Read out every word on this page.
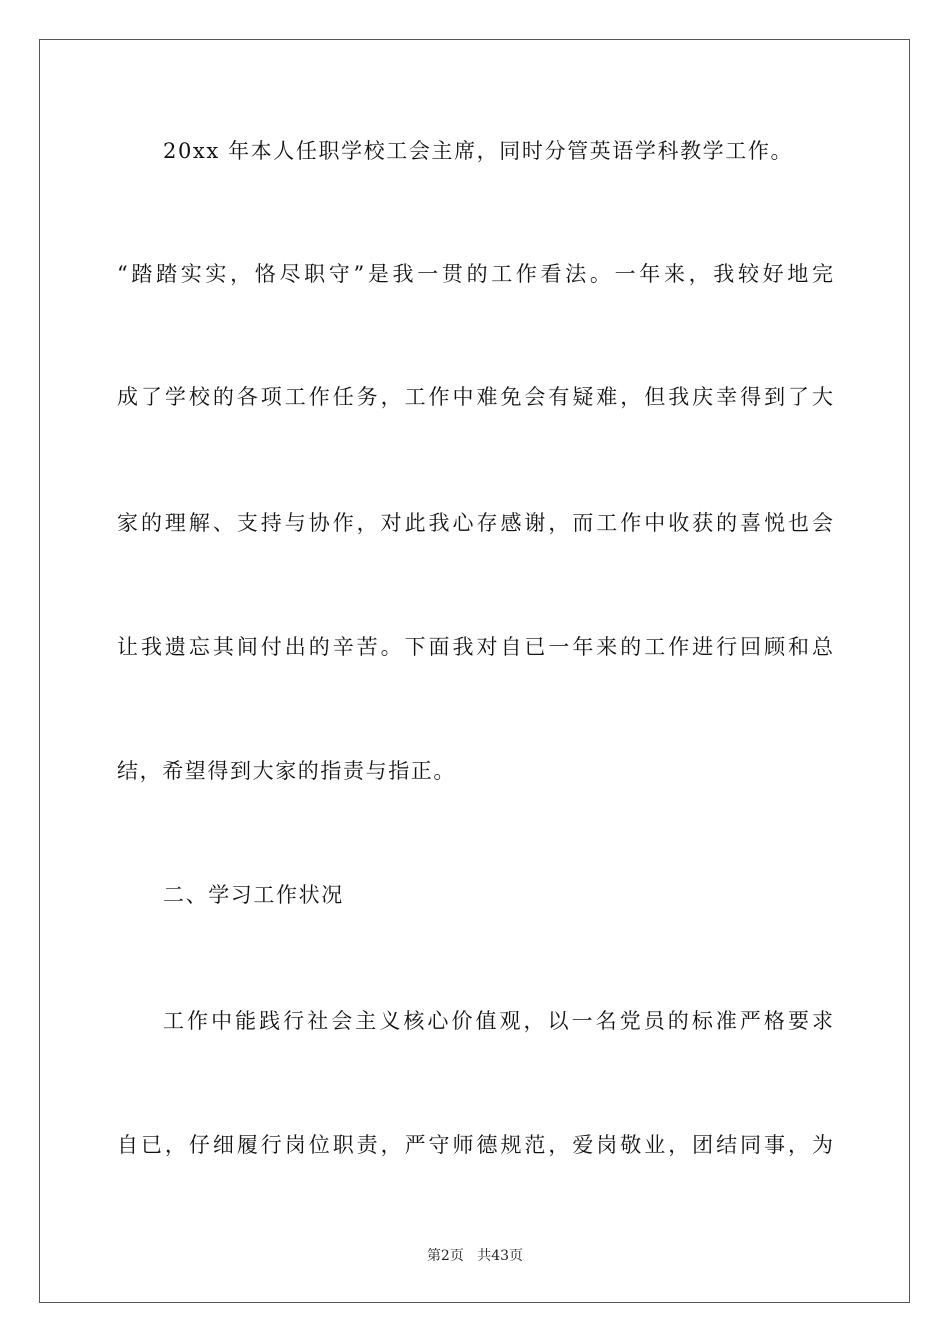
20xx 年本人任职学校工会主席，同时分管英语学科教学工作。
“踏踏实实，恪尽职守”是我一贯的工作看法。一年来，我较好地完
成了学校的各项工作任务，工作中难免会有疑难，但我庆幸得到了大
家的理解、支持与协作，对此我心存感谢，而工作中收获的喜悦也会
让我遗忘其间付出的辛苦。下面我对自已一年来的工作进行回顾和总
结，希望得到大家的指责与指正。
二、学习工作状况
工作中能践行社会主义核心价值观，以一名党员的标准严格要求
自已，仔细履行岗位职责，严守师德规范，爱岗敬业，团结同事，为
第2页 共43页
